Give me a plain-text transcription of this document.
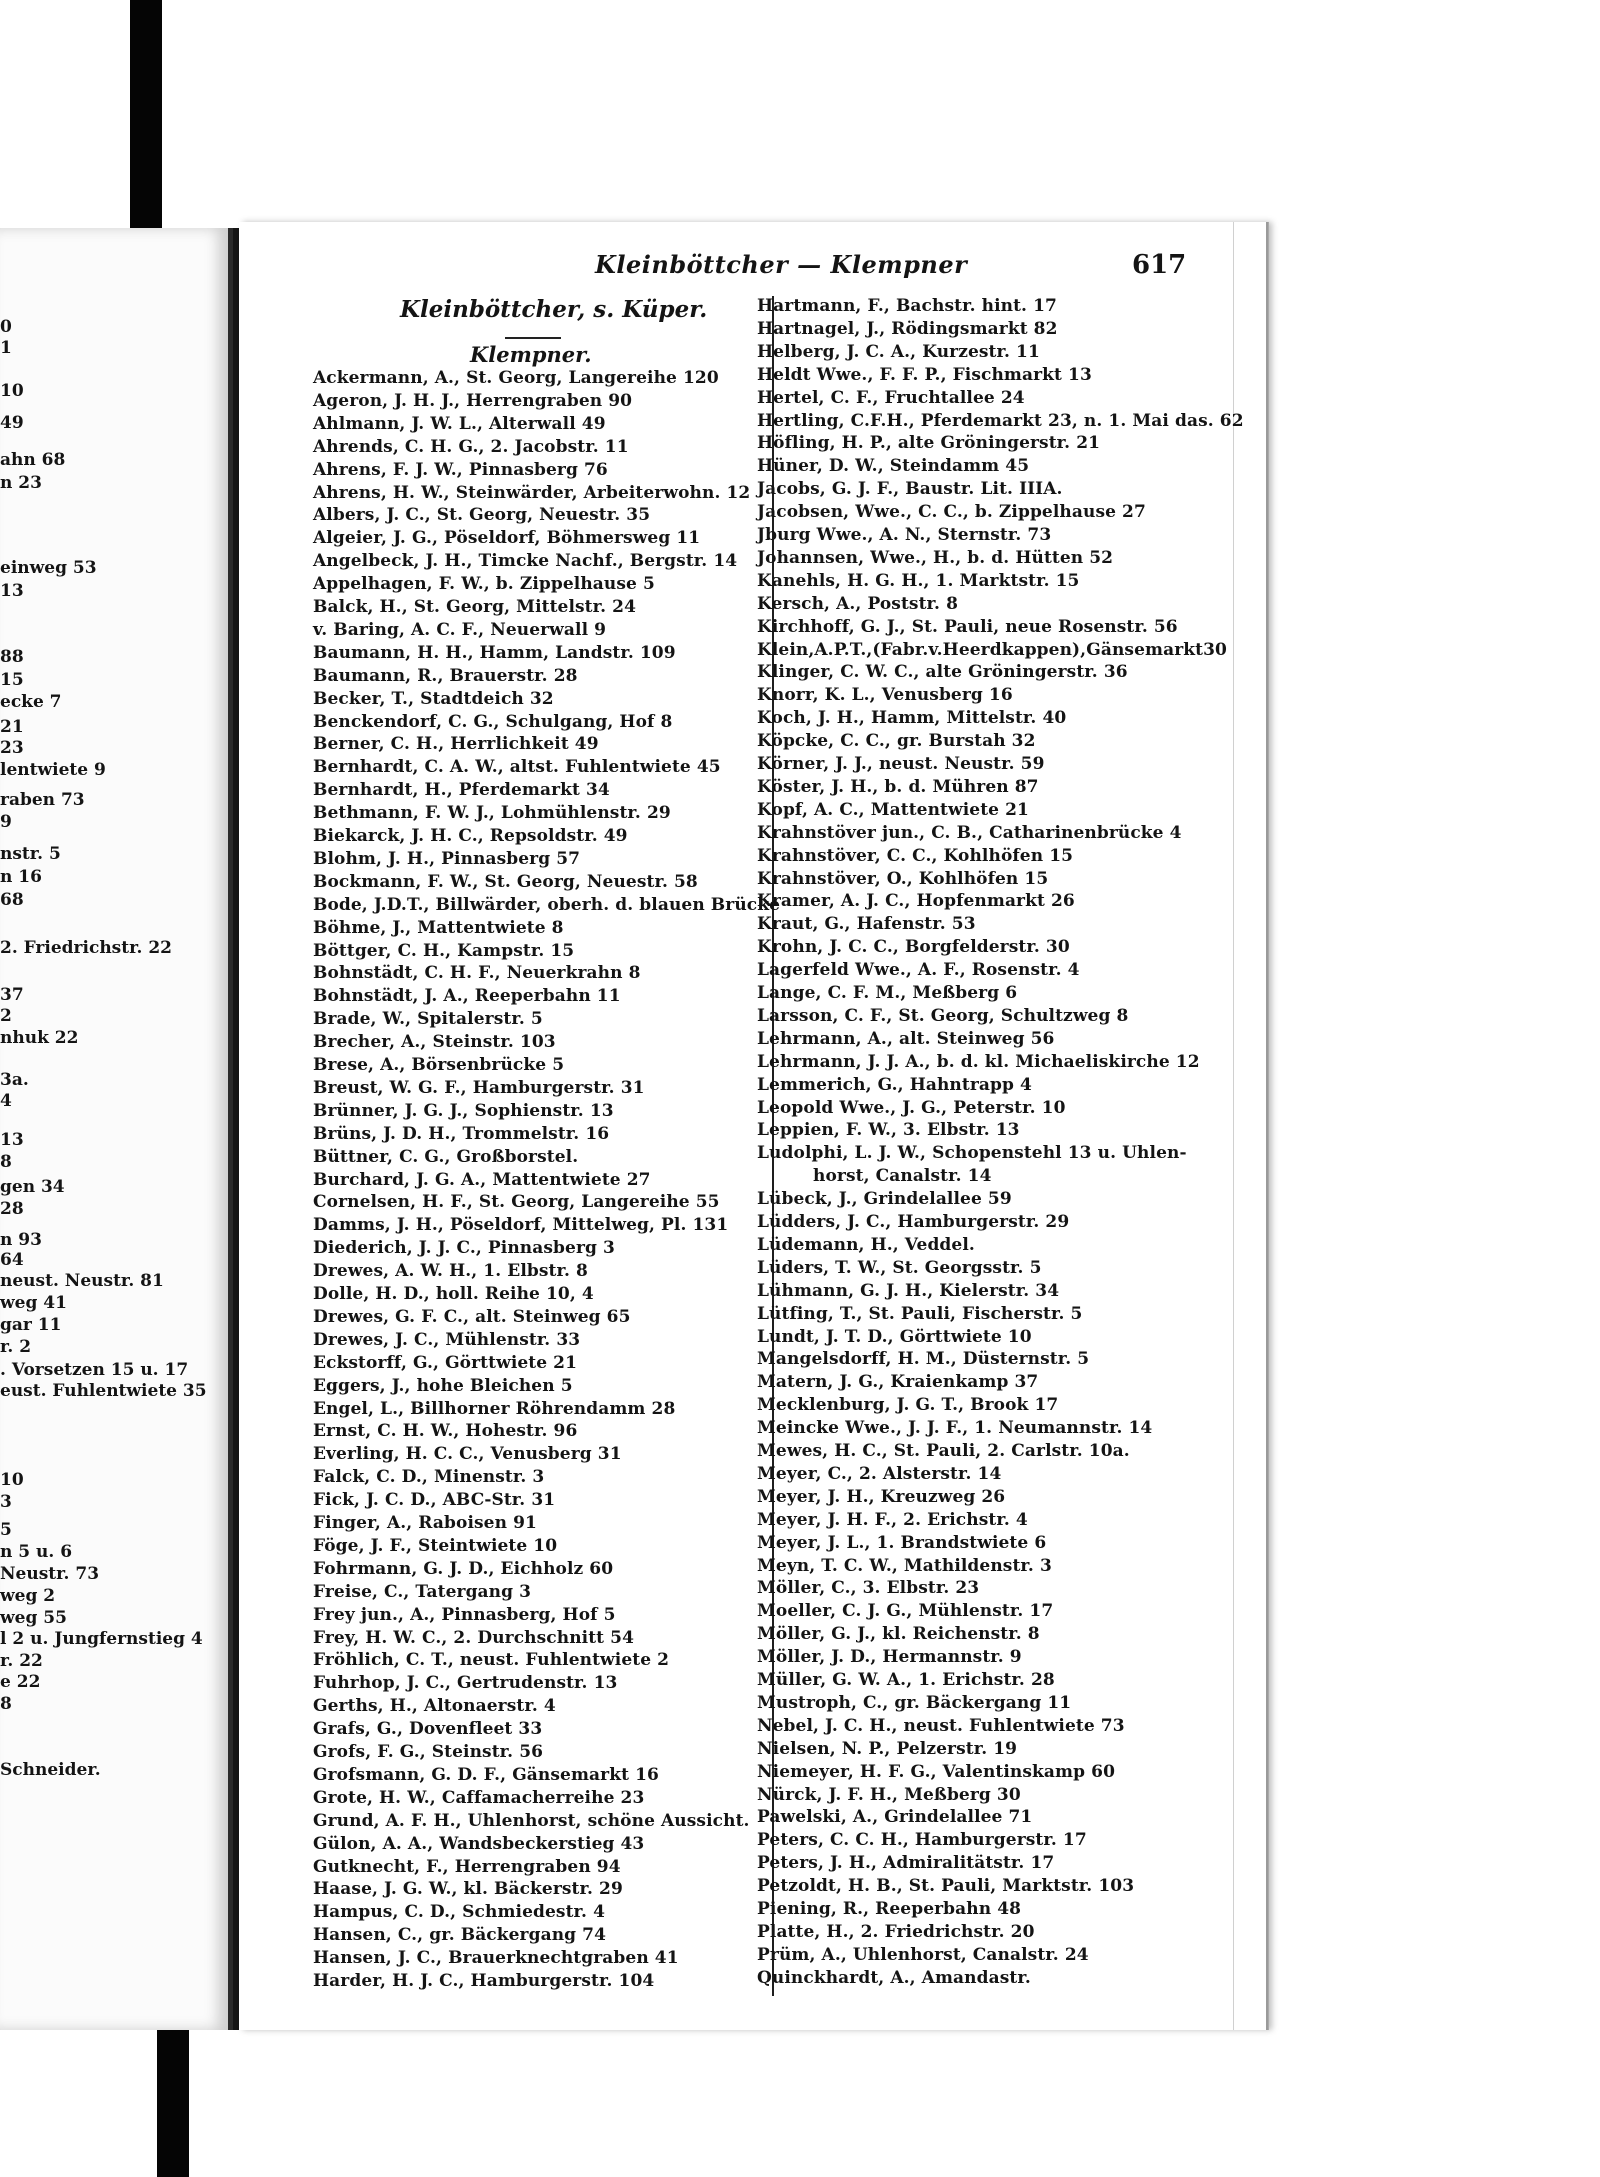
0
1
10
49
ahn 68
n 23
einweg 53
13
88
15
ecke 7
21
23
lentwiete 9
raben 73
9
nstr. 5
n 16
68
2. Friedrichstr. 22
37
2
nhuk 22
3a.
4
13
8
gen 34
28
n 93
64
neust. Neustr. 81
weg 41
gar 11
r. 2
. Vorsetzen 15 u. 17
eust. Fuhlentwiete 35
10
3
5
n 5 u. 6
Neustr. 73
weg 2
weg 55
l 2 u. Jungfernstieg 4
r. 22
e 22
8
Schneider.
Kleinböttcher — Klempner	617
Kleinböttcher, s. Küper.
Klempner.
Ackermann, A., St. Georg, Langereihe 120
Ageron, J. H. J., Herrengraben 90
Ahlmann, J. W. L., Alterwall 49
Ahrends, C. H. G., 2. Jacobstr. 11
Ahrens, F. J. W., Pinnasberg 76
Ahrens, H. W., Steinwärder, Arbeiterwohn. 12
Albers, J. C., St. Georg, Neuestr. 35
Algeier, J. G., Pöseldorf, Böhmersweg 11
Angelbeck, J. H., Timcke Nachf., Bergstr. 14
Appelhagen, F. W., b. Zippelhause 5
Balck, H., St. Georg, Mittelstr. 24
v. Baring, A. C. F., Neuerwall 9
Baumann, H. H., Hamm, Landstr. 109
Baumann, R., Brauerstr. 28
Becker, T., Stadtdeich 32
Benckendorf, C. G., Schulgang, Hof 8
Berner, C. H., Herrlichkeit 49
Bernhardt, C. A. W., altst. Fuhlentwiete 45
Bernhardt, H., Pferdemarkt 34
Bethmann, F. W. J., Lohmühlenstr. 29
Biekarck, J. H. C., Repsoldstr. 49
Blohm, J. H., Pinnasberg 57
Bockmann, F. W., St. Georg, Neuestr. 58
Bode, J.D.T., Billwärder, oberh. d. blauen Brücke
Böhme, J., Mattentwiete 8
Böttger, C. H., Kampstr. 15
Bohnstädt, C. H. F., Neuerkrahn 8
Bohnstädt, J. A., Reeperbahn 11
Brade, W., Spitalerstr. 5
Brecher, A., Steinstr. 103
Brese, A., Börsenbrücke 5
Breust, W. G. F., Hamburgerstr. 31
Brünner, J. G. J., Sophienstr. 13
Brüns, J. D. H., Trommelstr. 16
Büttner, C. G., Großborstel.
Burchard, J. G. A., Mattentwiete 27
Cornelsen, H. F., St. Georg, Langereihe 55
Damms, J. H., Pöseldorf, Mittelweg, Pl. 131
Diederich, J. J. C., Pinnasberg 3
Drewes, A. W. H., 1. Elbstr. 8
Dolle, H. D., holl. Reihe 10, 4
Drewes, G. F. C., alt. Steinweg 65
Drewes, J. C., Mühlenstr. 33
Eckstorff, G., Görttwiete 21
Eggers, J., hohe Bleichen 5
Engel, L., Billhorner Röhrendamm 28
Ernst, C. H. W., Hohestr. 96
Everling, H. C. C., Venusberg 31
Falck, C. D., Minenstr. 3
Fick, J. C. D., ABC-Str. 31
Finger, A., Raboisen 91
Föge, J. F., Steintwiete 10
Fohrmann, G. J. D., Eichholz 60
Freise, C., Tatergang 3
Frey jun., A., Pinnasberg, Hof 5
Frey, H. W. C., 2. Durchschnitt 54
Fröhlich, C. T., neust. Fuhlentwiete 2
Fuhrhop, J. C., Gertrudenstr. 13
Gerths, H., Altonaerstr. 4
Grafs, G., Dovenfleet 33
Grofs, F. G., Steinstr. 56
Grofsmann, G. D. F., Gänsemarkt 16
Grote, H. W., Caffamacherreihe 23
Grund, A. F. H., Uhlenhorst, schöne Aussicht.
Gülon, A. A., Wandsbeckerstieg 43
Gutknecht, F., Herrengraben 94
Haase, J. G. W., kl. Bäckerstr. 29
Hampus, C. D., Schmiedestr. 4
Hansen, C., gr. Bäckergang 74
Hansen, J. C., Brauerknechtgraben 41
Harder, H. J. C., Hamburgerstr. 104
Hartmann, F., Bachstr. hint. 17
Hartnagel, J., Rödingsmarkt 82
Helberg, J. C. A., Kurzestr. 11
Heldt Wwe., F. F. P., Fischmarkt 13
Hertel, C. F., Fruchtallee 24
Hertling, C.F.H., Pferdemarkt 23, n. 1. Mai das. 62
Höfling, H. P., alte Gröningerstr. 21
Hüner, D. W., Steindamm 45
Jacobs, G. J. F., Baustr. Lit. IIIA.
Jacobsen, Wwe., C. C., b. Zippelhause 27
Jburg Wwe., A. N., Sternstr. 73
Johannsen, Wwe., H., b. d. Hütten 52
Kanehls, H. G. H., 1. Marktstr. 15
Kersch, A., Poststr. 8
Kirchhoff, G. J., St. Pauli, neue Rosenstr. 56
Klein,A.P.T.,(Fabr.v.Heerdkappen),Gänsemarkt30
Klinger, C. W. C., alte Gröningerstr. 36
Knorr, K. L., Venusberg 16
Koch, J. H., Hamm, Mittelstr. 40
Köpcke, C. C., gr. Burstah 32
Körner, J. J., neust. Neustr. 59
Köster, J. H., b. d. Mühren 87
Kopf, A. C., Mattentwiete 21
Krahnstöver jun., C. B., Catharinenbrücke 4
Krahnstöver, C. C., Kohlhöfen 15
Krahnstöver, O., Kohlhöfen 15
Kramer, A. J. C., Hopfenmarkt 26
Kraut, G., Hafenstr. 53
Krohn, J. C. C., Borgfelderstr. 30
Lagerfeld Wwe., A. F., Rosenstr. 4
Lange, C. F. M., Meßberg 6
Larsson, C. F., St. Georg, Schultzweg 8
Lehrmann, A., alt. Steinweg 56
Lehrmann, J. J. A., b. d. kl. Michaeliskirche 12
Lemmerich, G., Hahntrapp 4
Leopold Wwe., J. G., Peterstr. 10
Leppien, F. W., 3. Elbstr. 13
Ludolphi, L. J. W., Schopenstehl 13 u. Uhlen-
horst, Canalstr. 14
Lübeck, J., Grindelallee 59
Lüdders, J. C., Hamburgerstr. 29
Lüdemann, H., Veddel.
Lüders, T. W., St. Georgsstr. 5
Lühmann, G. J. H., Kielerstr. 34
Lütfing, T., St. Pauli, Fischerstr. 5
Lundt, J. T. D., Görttwiete 10
Mangelsdorff, H. M., Düsternstr. 5
Matern, J. G., Kraienkamp 37
Mecklenburg, J. G. T., Brook 17
Meincke Wwe., J. J. F., 1. Neumannstr. 14
Mewes, H. C., St. Pauli, 2. Carlstr. 10a.
Meyer, C., 2. Alsterstr. 14
Meyer, J. H., Kreuzweg 26
Meyer, J. H. F., 2. Erichstr. 4
Meyer, J. L., 1. Brandstwiete 6
Meyn, T. C. W., Mathildenstr. 3
Möller, C., 3. Elbstr. 23
Moeller, C. J. G., Mühlenstr. 17
Möller, G. J., kl. Reichenstr. 8
Möller, J. D., Hermannstr. 9
Müller, G. W. A., 1. Erichstr. 28
Mustroph, C., gr. Bäckergang 11
Nebel, J. C. H., neust. Fuhlentwiete 73
Nielsen, N. P., Pelzerstr. 19
Niemeyer, H. F. G., Valentinskamp 60
Nürck, J. F. H., Meßberg 30
Pawelski, A., Grindelallee 71
Peters, C. C. H., Hamburgerstr. 17
Peters, J. H., Admiralitätstr. 17
Petzoldt, H. B., St. Pauli, Marktstr. 103
Piening, R., Reeperbahn 48
Platte, H., 2. Friedrichstr. 20
Prüm, A., Uhlenhorst, Canalstr. 24
Quinckhardt, A., Amandastr.
